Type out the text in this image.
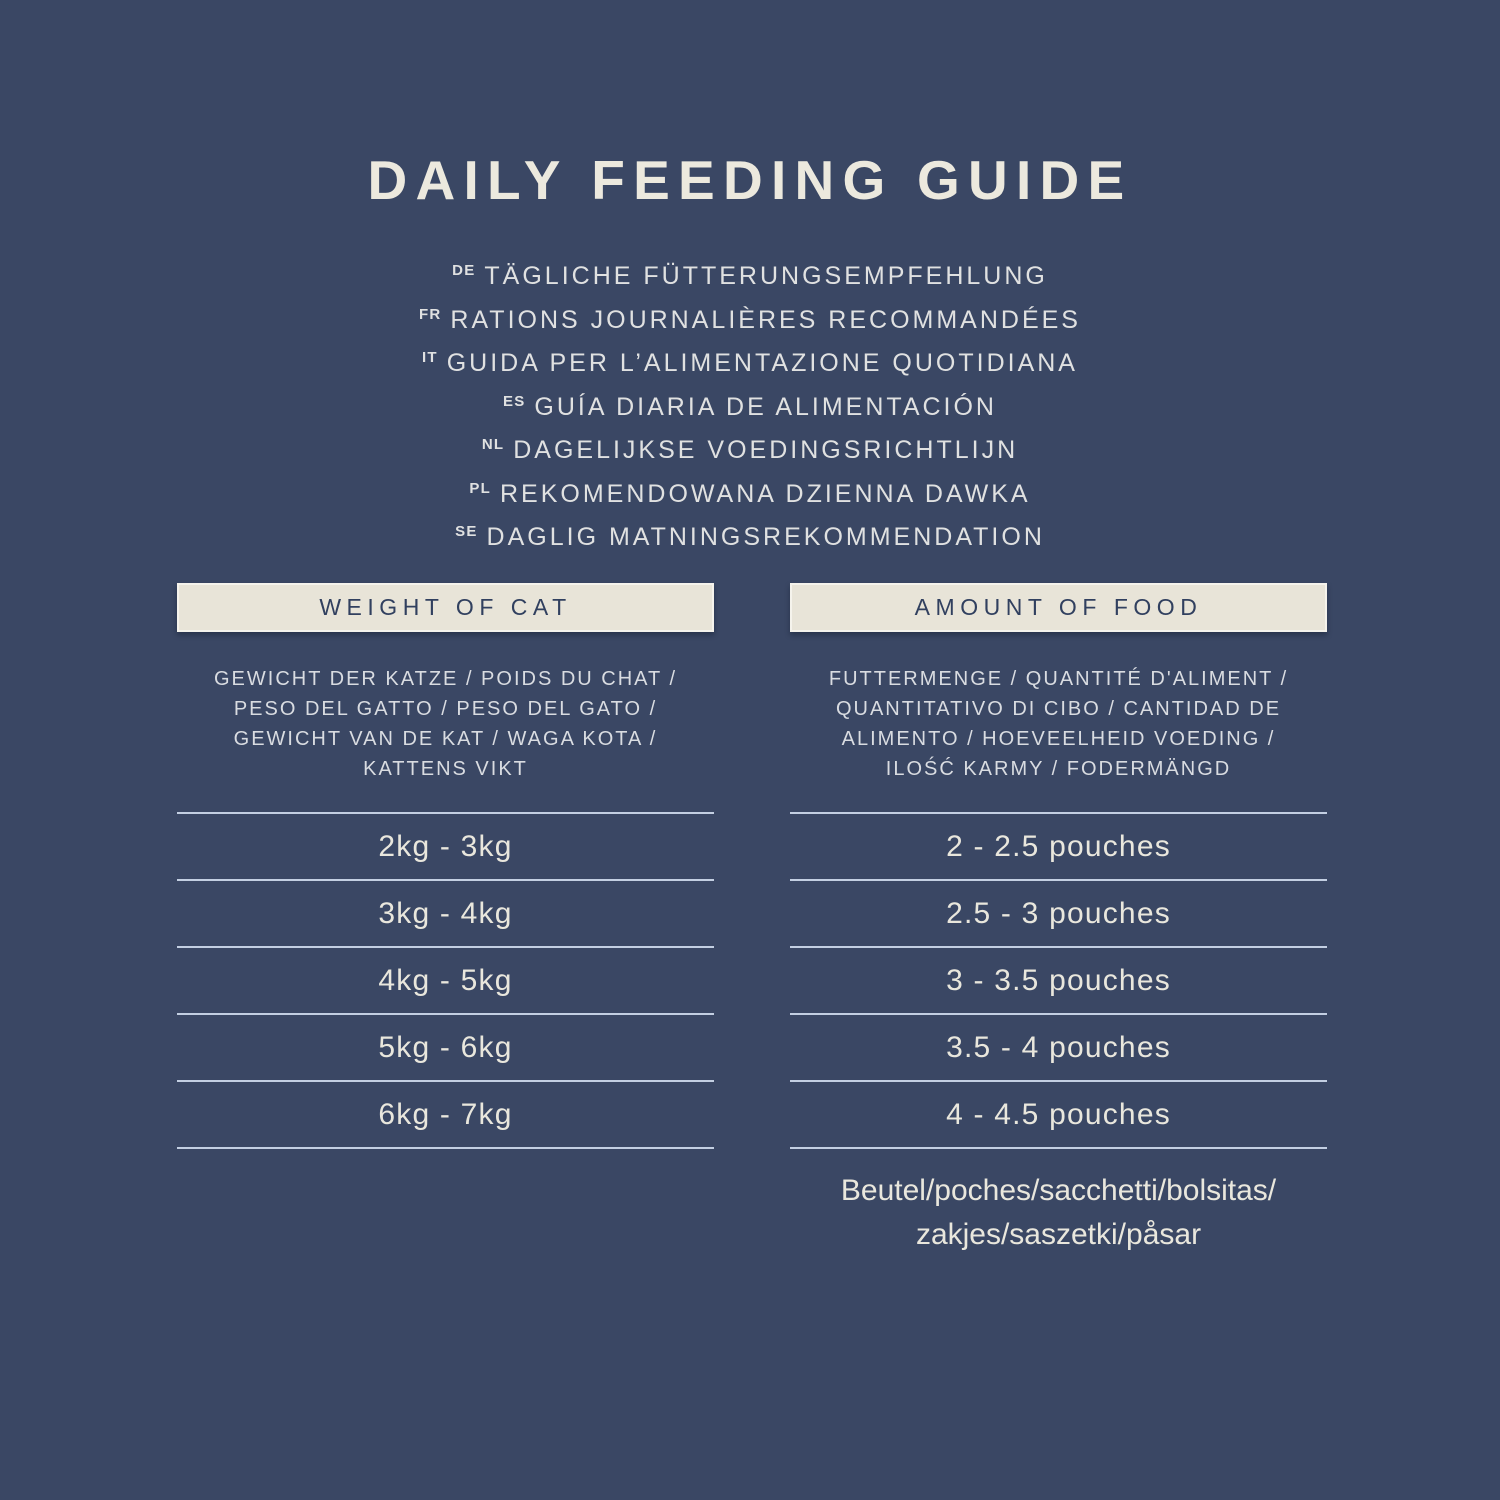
DAILY FEEDING GUIDE
$^{DE}$ TÄGLICHE FÜTTERUNGSEMPFEHLUNG
$^{FR}$ RATIONS JOURNALIÈRES RECOMMANDÉES
$^{IT}$ GUIDA PER L’ALIMENTAZIONE QUOTIDIANA
$^{ES}$ GUÍA DIARIA DE ALIMENTACIÓN
$^{NL}$ DAGELIJKSE VOEDINGSRICHTLIJN
$^{PL}$ REKOMENDOWANA DZIENNA DAWKA
$^{SE}$ DAGLIG MATNINGSREKOMMENDATION
WEIGHT OF CAT
GEWICHT DER KATZE / POIDS DU CHAT /
PESO DEL GATTO / PESO DEL GATO /
GEWICHT VAN DE KAT / WAGA KOTA /
KATTENS VIKT
2kg - 3kg
3kg - 4kg
4kg - 5kg
5kg - 6kg
6kg - 7kg
AMOUNT OF FOOD
FUTTERMENGE / QUANTITÉ D'ALIMENT /
QUANTITATIVO DI CIBO / CANTIDAD DE
ALIMENTO / HOEVEELHEID VOEDING /
ILOŚĆ KARMY / FODERMÄNGD
2 - 2.5 pouches
2.5 - 3 pouches
3 - 3.5 pouches
3.5 - 4 pouches
4 - 4.5 pouches
Beutel/poches/sacchetti/bolsitas/
zakjes/saszetki/påsar
